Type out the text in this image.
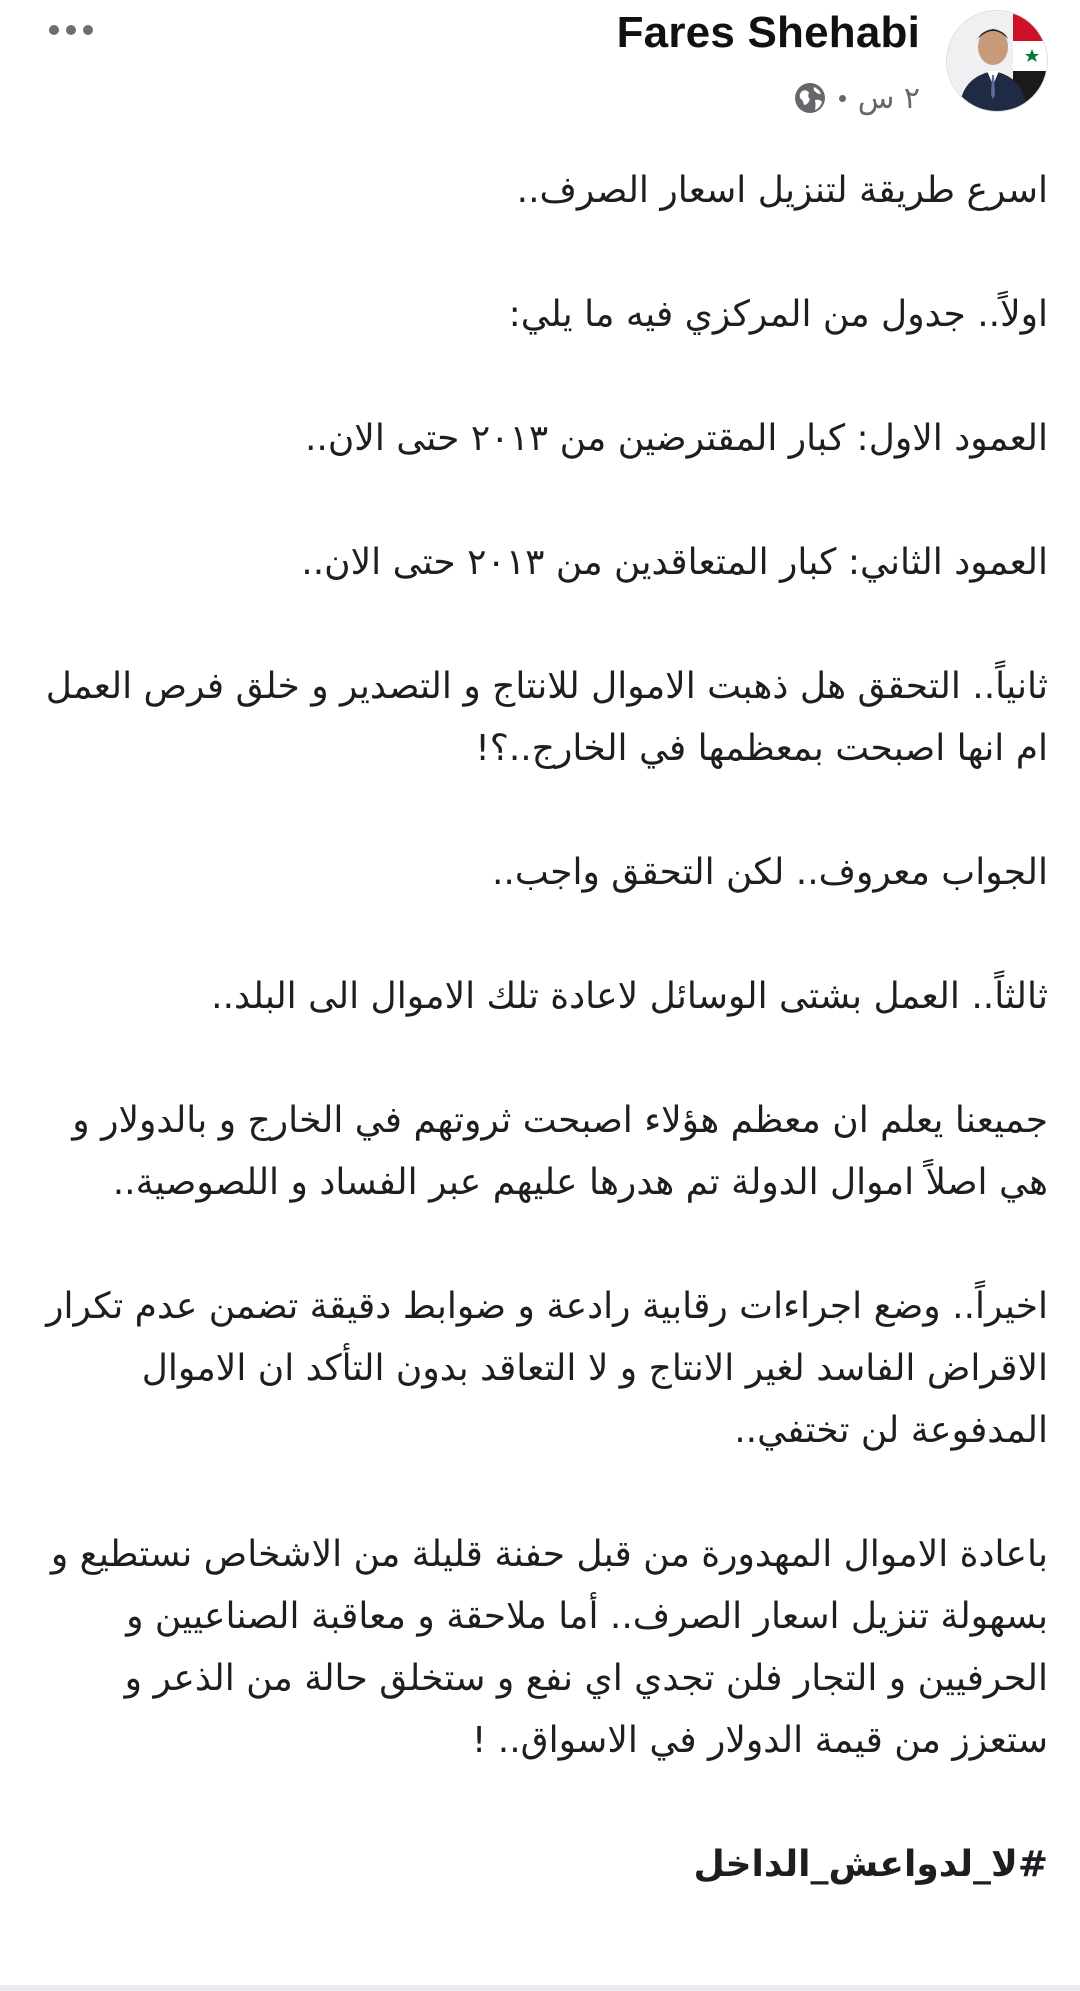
Fares Shehabi
٢ س

اسرع طريقة لتنزيل اسعار الصرف..

اولاً.. جدول من المركزي فيه ما يلي:

العمود الاول: كبار المقترضين من ٢٠١٣ حتى الان..

العمود الثاني: كبار المتعاقدين من ٢٠١٣ حتى الان..

ثانياً.. التحقق هل ذهبت الاموال للانتاج و التصدير و خلق فرص العمل ام انها اصبحت بمعظمها في الخارج..؟!

الجواب معروف.. لكن التحقق واجب..

ثالثاً.. العمل بشتى الوسائل لاعادة تلك الاموال الى البلد..

جميعنا يعلم ان معظم هؤلاء اصبحت ثروتهم في الخارج و بالدولار و هي اصلاً اموال الدولة تم هدرها عليهم عبر الفساد و اللصوصية..

اخيراً.. وضع اجراءات رقابية رادعة و ضوابط دقيقة تضمن عدم تكرار الاقراض الفاسد لغير الانتاج و لا التعاقد بدون التأكد ان الاموال المدفوعة لن تختفي..

باعادة الاموال المهدورة من قبل حفنة قليلة من الاشخاص نستطيع و بسهولة تنزيل اسعار الصرف.. أما ملاحقة و معاقبة الصناعيين و الحرفيين و التجار فلن تجدي اي نفع و ستخلق حالة من الذعر و ستعزز من قيمة الدولار في الاسواق.. !

#لا_لدواعش_الداخل
